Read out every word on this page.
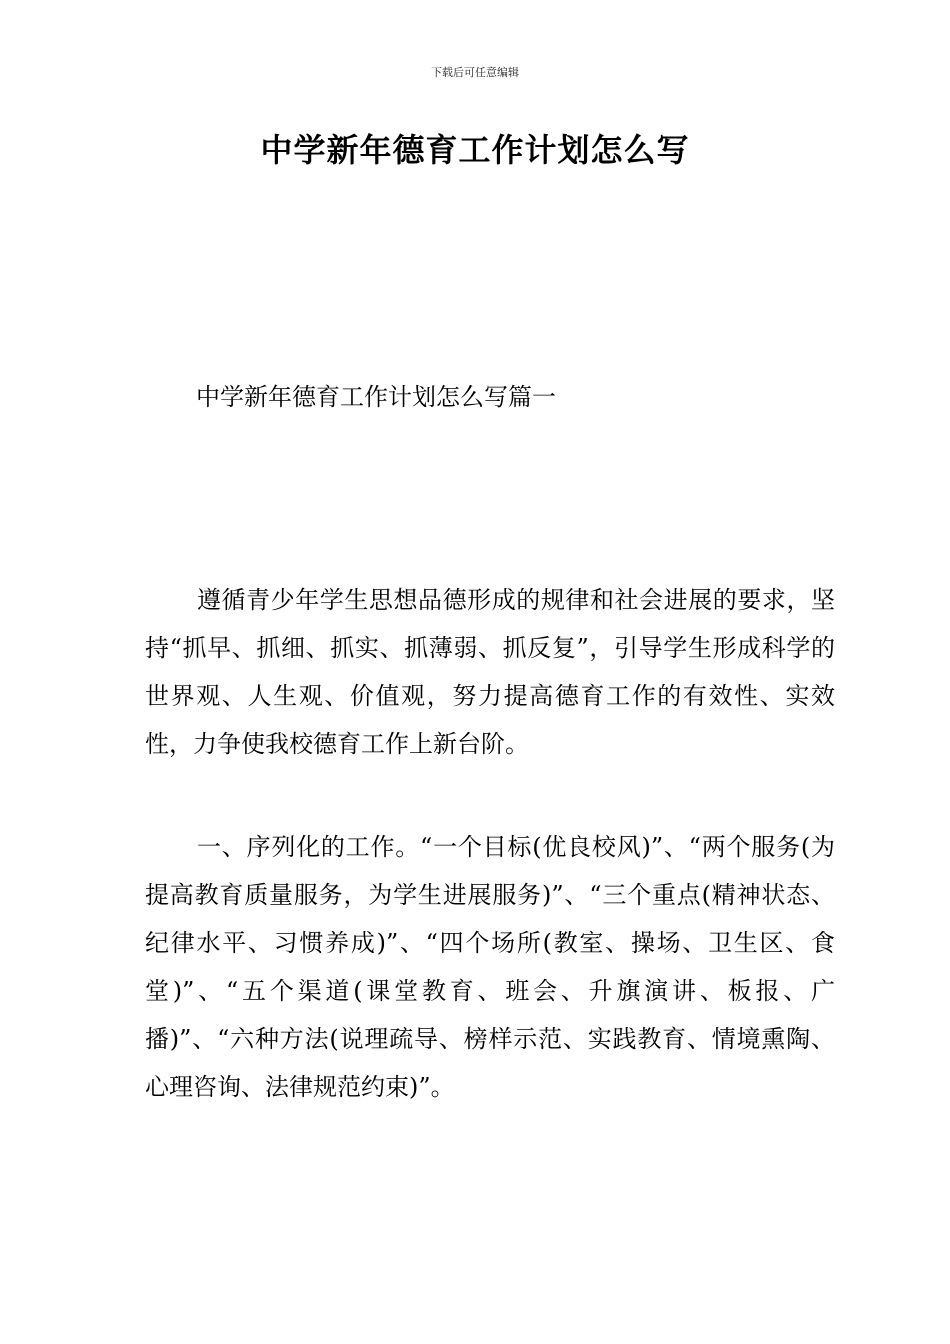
下载后可任意编辑
中学新年德育工作计划怎么写
中学新年德育工作计划怎么写篇一

遵循青少年学生思想品德形成的规律和社会进展的要求，坚持“抓早、抓细、抓实、抓薄弱、抓反复”，引导学生形成科学的世界观、人生观、价值观，努力提高德育工作的有效性、实效性，力争使我校德育工作上新台阶。

一、序列化的工作。“一个目标(优良校风)”、“两个服务(为提高教育质量服务，为学生进展服务)”、“三个重点(精神状态、纪律水平、习惯养成)”、“四个场所(教室、操场、卫生区、食堂)”、“五个渠道(课堂教育、班会、升旗演讲、板报、广播)”、“六种方法(说理疏导、榜样示范、实践教育、情境熏陶、心理咨询、法律规范约束)”。
